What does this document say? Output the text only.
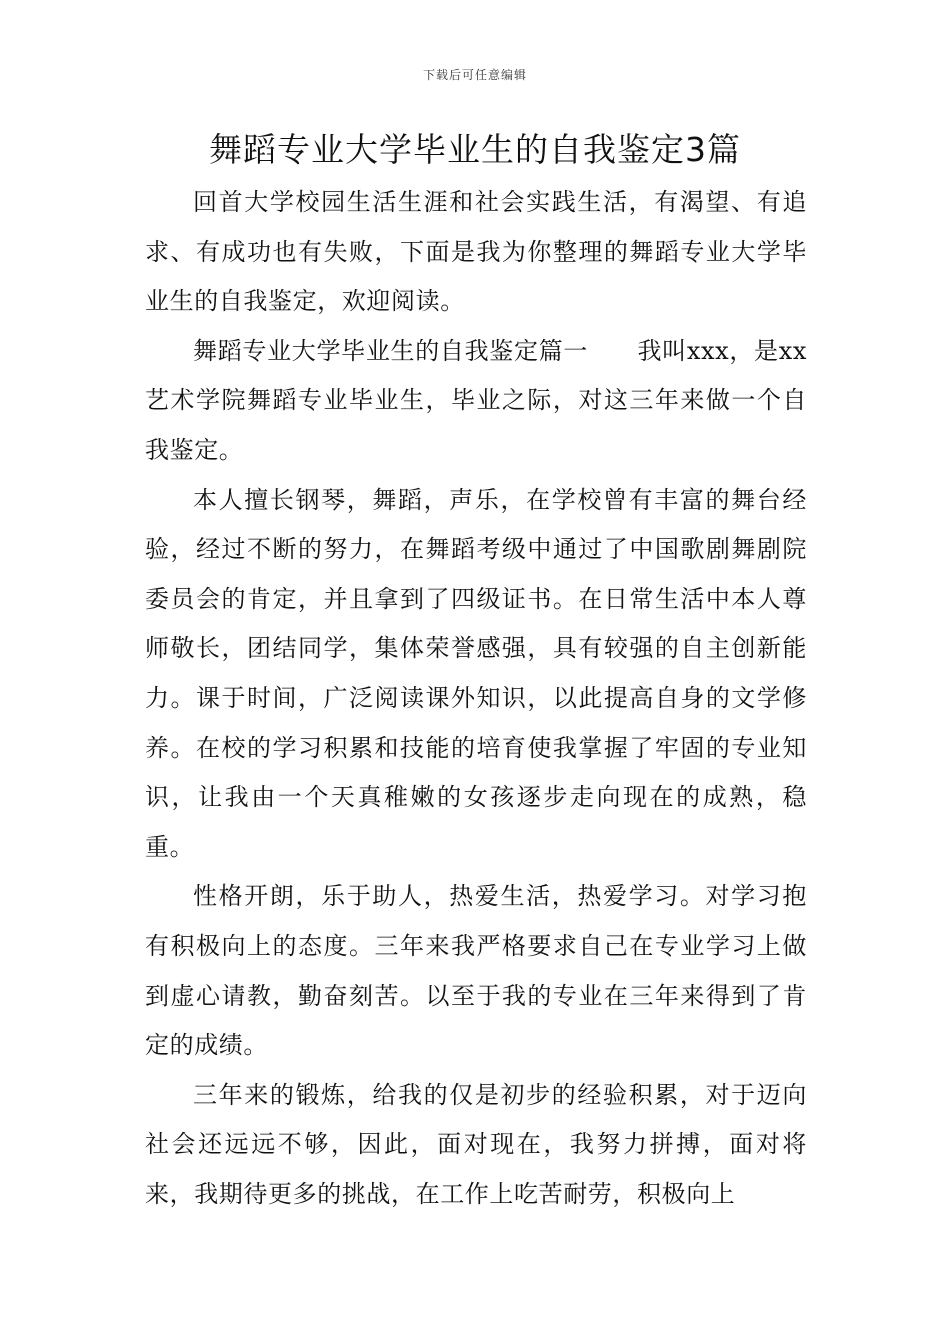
下载后可任意编辑
舞蹈专业大学毕业生的自我鉴定3篇

回首大学校园生活生涯和社会实践生活，有渴望、有追求、有成功也有失败，下面是我为你整理的舞蹈专业大学毕业生的自我鉴定，欢迎阅读。

舞蹈专业大学毕业生的自我鉴定篇一　　我叫xxx，是xx艺术学院舞蹈专业毕业生，毕业之际，对这三年来做一个自我鉴定。

本人擅长钢琴，舞蹈，声乐，在学校曾有丰富的舞台经验，经过不断的努力，在舞蹈考级中通过了中国歌剧舞剧院委员会的肯定，并且拿到了四级证书。在日常生活中本人尊师敬长，团结同学，集体荣誉感强，具有较强的自主创新能力。课于时间，广泛阅读课外知识，以此提高自身的文学修养。在校的学习积累和技能的培育使我掌握了牢固的专业知识，让我由一个天真稚嫩的女孩逐步走向现在的成熟，稳重。

性格开朗，乐于助人，热爱生活，热爱学习。对学习抱有积极向上的态度。三年来我严格要求自己在专业学习上做到虚心请教，勤奋刻苦。以至于我的专业在三年来得到了肯定的成绩。

三年来的锻炼，给我的仅是初步的经验积累，对于迈向社会还远远不够，因此，面对现在，我努力拼搏，面对将来，我期待更多的挑战，在工作上吃苦耐劳，积极向上
